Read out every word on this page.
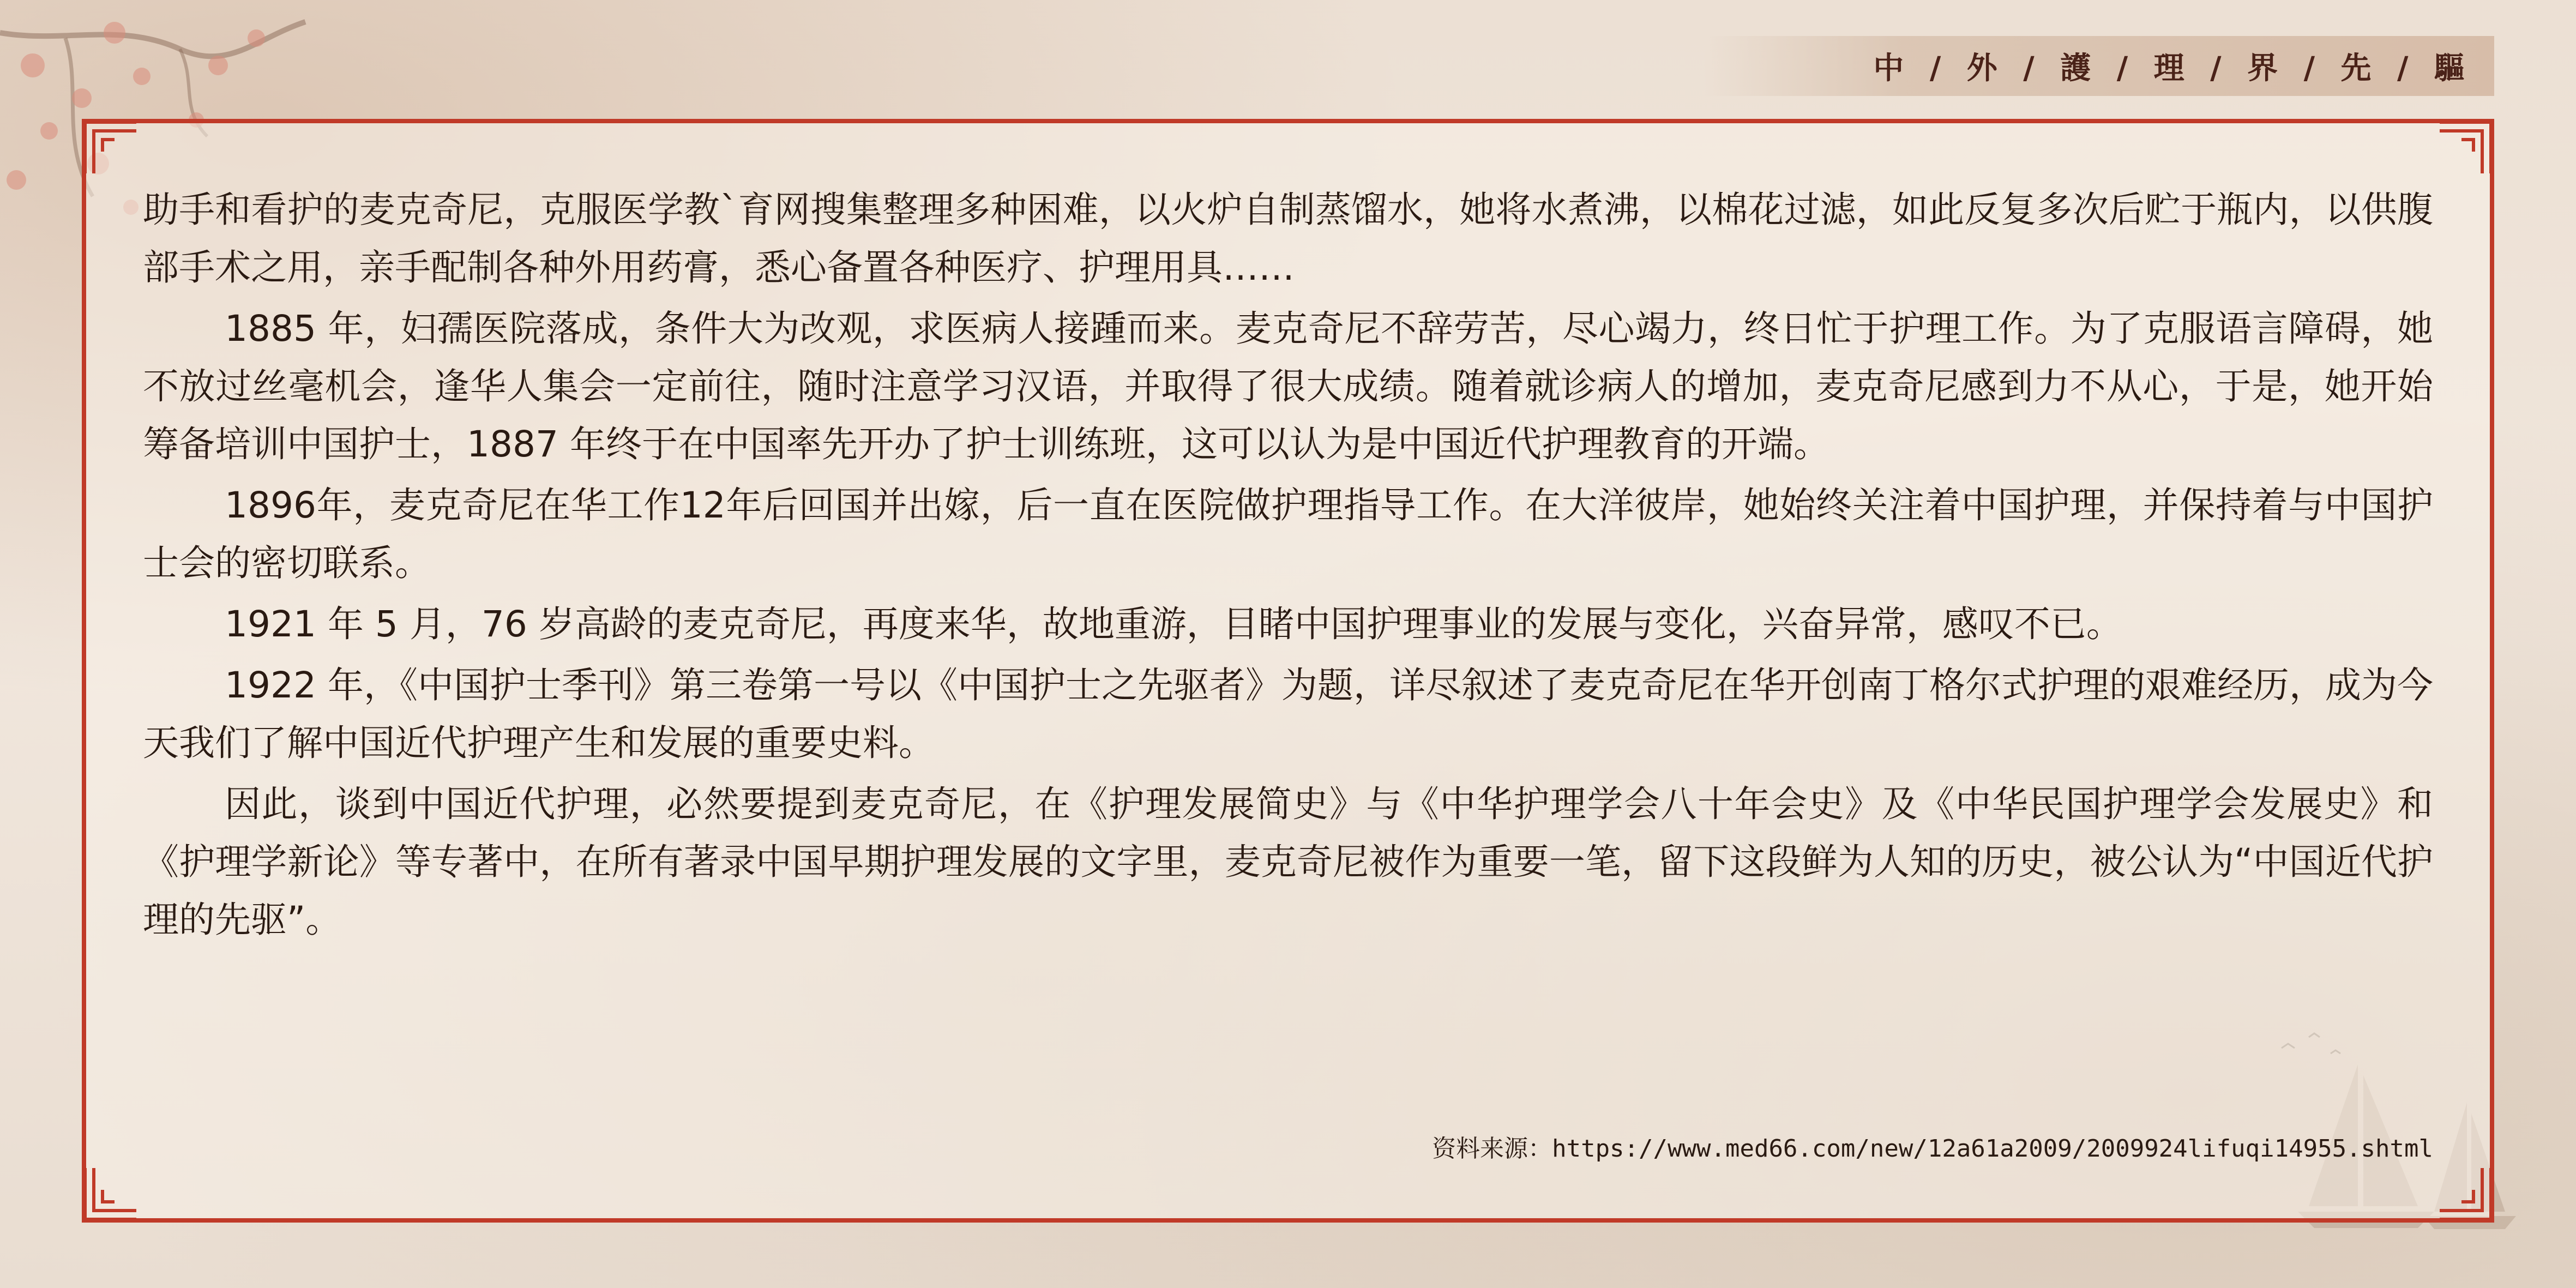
中 / 外 / 護 / 理 / 界 / 先 / 驅

助手和看护的麦克奇尼，克服医学教`育网搜集整理多种困难，以火炉自制蒸馏水，她将水煮沸，以棉花过滤，如此反复多次后贮于瓶内，以供腹部手术之用，亲手配制各种外用药膏，悉心备置各种医疗、护理用具……

1885 年，妇孺医院落成，条件大为改观，求医病人接踵而来。麦克奇尼不辞劳苦，尽心竭力，终日忙于护理工作。为了克服语言障碍，她不放过丝毫机会，逢华人集会一定前往，随时注意学习汉语，并取得了很大成绩。随着就诊病人的增加，麦克奇尼感到力不从心，于是，她开始筹备培训中国护士，1887 年终于在中国率先开办了护士训练班，这可以认为是中国近代护理教育的开端。

1896年，麦克奇尼在华工作12年后回国并出嫁，后一直在医院做护理指导工作。在大洋彼岸，她始终关注着中国护理，并保持着与中国护士会的密切联系。

1921 年 5 月，76 岁高龄的麦克奇尼，再度来华，故地重游，目睹中国护理事业的发展与变化，兴奋异常，感叹不已。

1922 年，《中国护士季刊》第三卷第一号以《中国护士之先驱者》为题，详尽叙述了麦克奇尼在华开创南丁格尔式护理的艰难经历，成为今天我们了解中国近代护理产生和发展的重要史料。

因此，谈到中国近代护理，必然要提到麦克奇尼，在《护理发展简史》与《中华护理学会八十年会史》及《中华民国护理学会发展史》和《护理学新论》等专著中，在所有著录中国早期护理发展的文字里，麦克奇尼被作为重要一笔，留下这段鲜为人知的历史，被公认为“中国近代护理的先驱”。

资料来源：https://www.med66.com/new/12a61a2009/2009924lifuqi14955.shtml
